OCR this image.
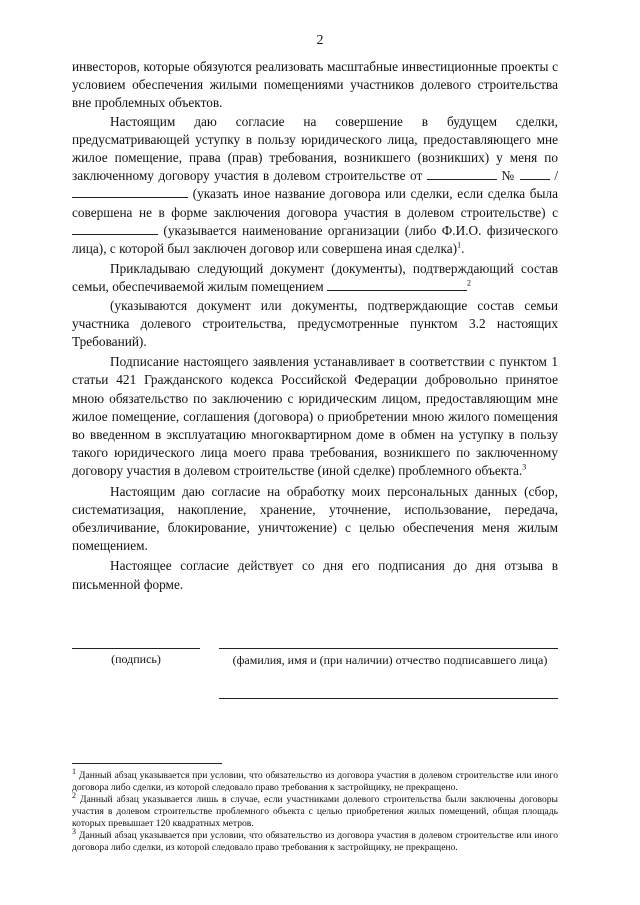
2

инвесторов, которые обязуются реализовать масштабные инвестиционные проекты с условием обеспечения жилыми помещениями участников долевого строительства вне проблемных объектов.

Настоящим даю согласие на совершение в будущем сделки, предусматривающей уступку в пользу юридического лица, предоставляющего мне жилое помещение, права (прав) требования, возникшего (возникших) у меня по заключенному договору участия в долевом строительстве от	№	/  (указать иное название договора или сделки, если сделка была совершена не в форме заключения договора участия в долевом строительстве) с  (указывается наименование организации (либо Ф.И.О. физического лица), с которой был заключен договор или совершена иная сделка)$^1$.

Прикладываю следующий документ (документы), подтверждающий состав семьи, обеспечиваемой жилым помещением	$^2$

(указываются документ или документы, подтверждающие состав семьи участника долевого строительства, предусмотренные пунктом 3.2 настоящих Требований).

Подписание настоящего заявления устанавливает в соответствии с пунктом 1 статьи 421 Гражданского кодекса Российской Федерации добровольно принятое мною обязательство по заключению с юридическим лицом, предоставляющим мне жилое помещение, соглашения (договора) о приобретении мною жилого помещения во введенном в эксплуатацию многоквартирном доме в обмен на уступку в пользу такого юридического лица моего права требования, возникшего по заключенному договору участия в долевом строительстве (иной сделке) проблемного объекта.$^3$

Настоящим даю согласие на обработку моих персональных данных (сбор, систематизация, накопление, хранение, уточнение, использование, передача, обезличивание, блокирование, уничтожение) с целью обеспечения меня жилым помещением.

Настоящее согласие действует со дня его подписания до дня отзыва в письменной форме.

(подпись)	(фамилия, имя и (при наличии) отчество подписавшего лица)

$^1$ Данный абзац указывается при условии, что обязательство из договора участия в долевом строительстве или иного договора либо сделки, из которой следовало право требования к застройщику, не прекращено.

$^2$ Данный абзац указывается лишь в случае, если участниками долевого строительства были заключены договоры участия в долевом строительстве проблемного объекта с целью приобретения жилых помещений, общая площадь которых превышает 120 квадратных метров.

$^3$ Данный абзац указывается при условии, что обязательство из договора участия в долевом строительстве или иного договора либо сделки, из которой следовало право требования к застройщику, не прекращено.
